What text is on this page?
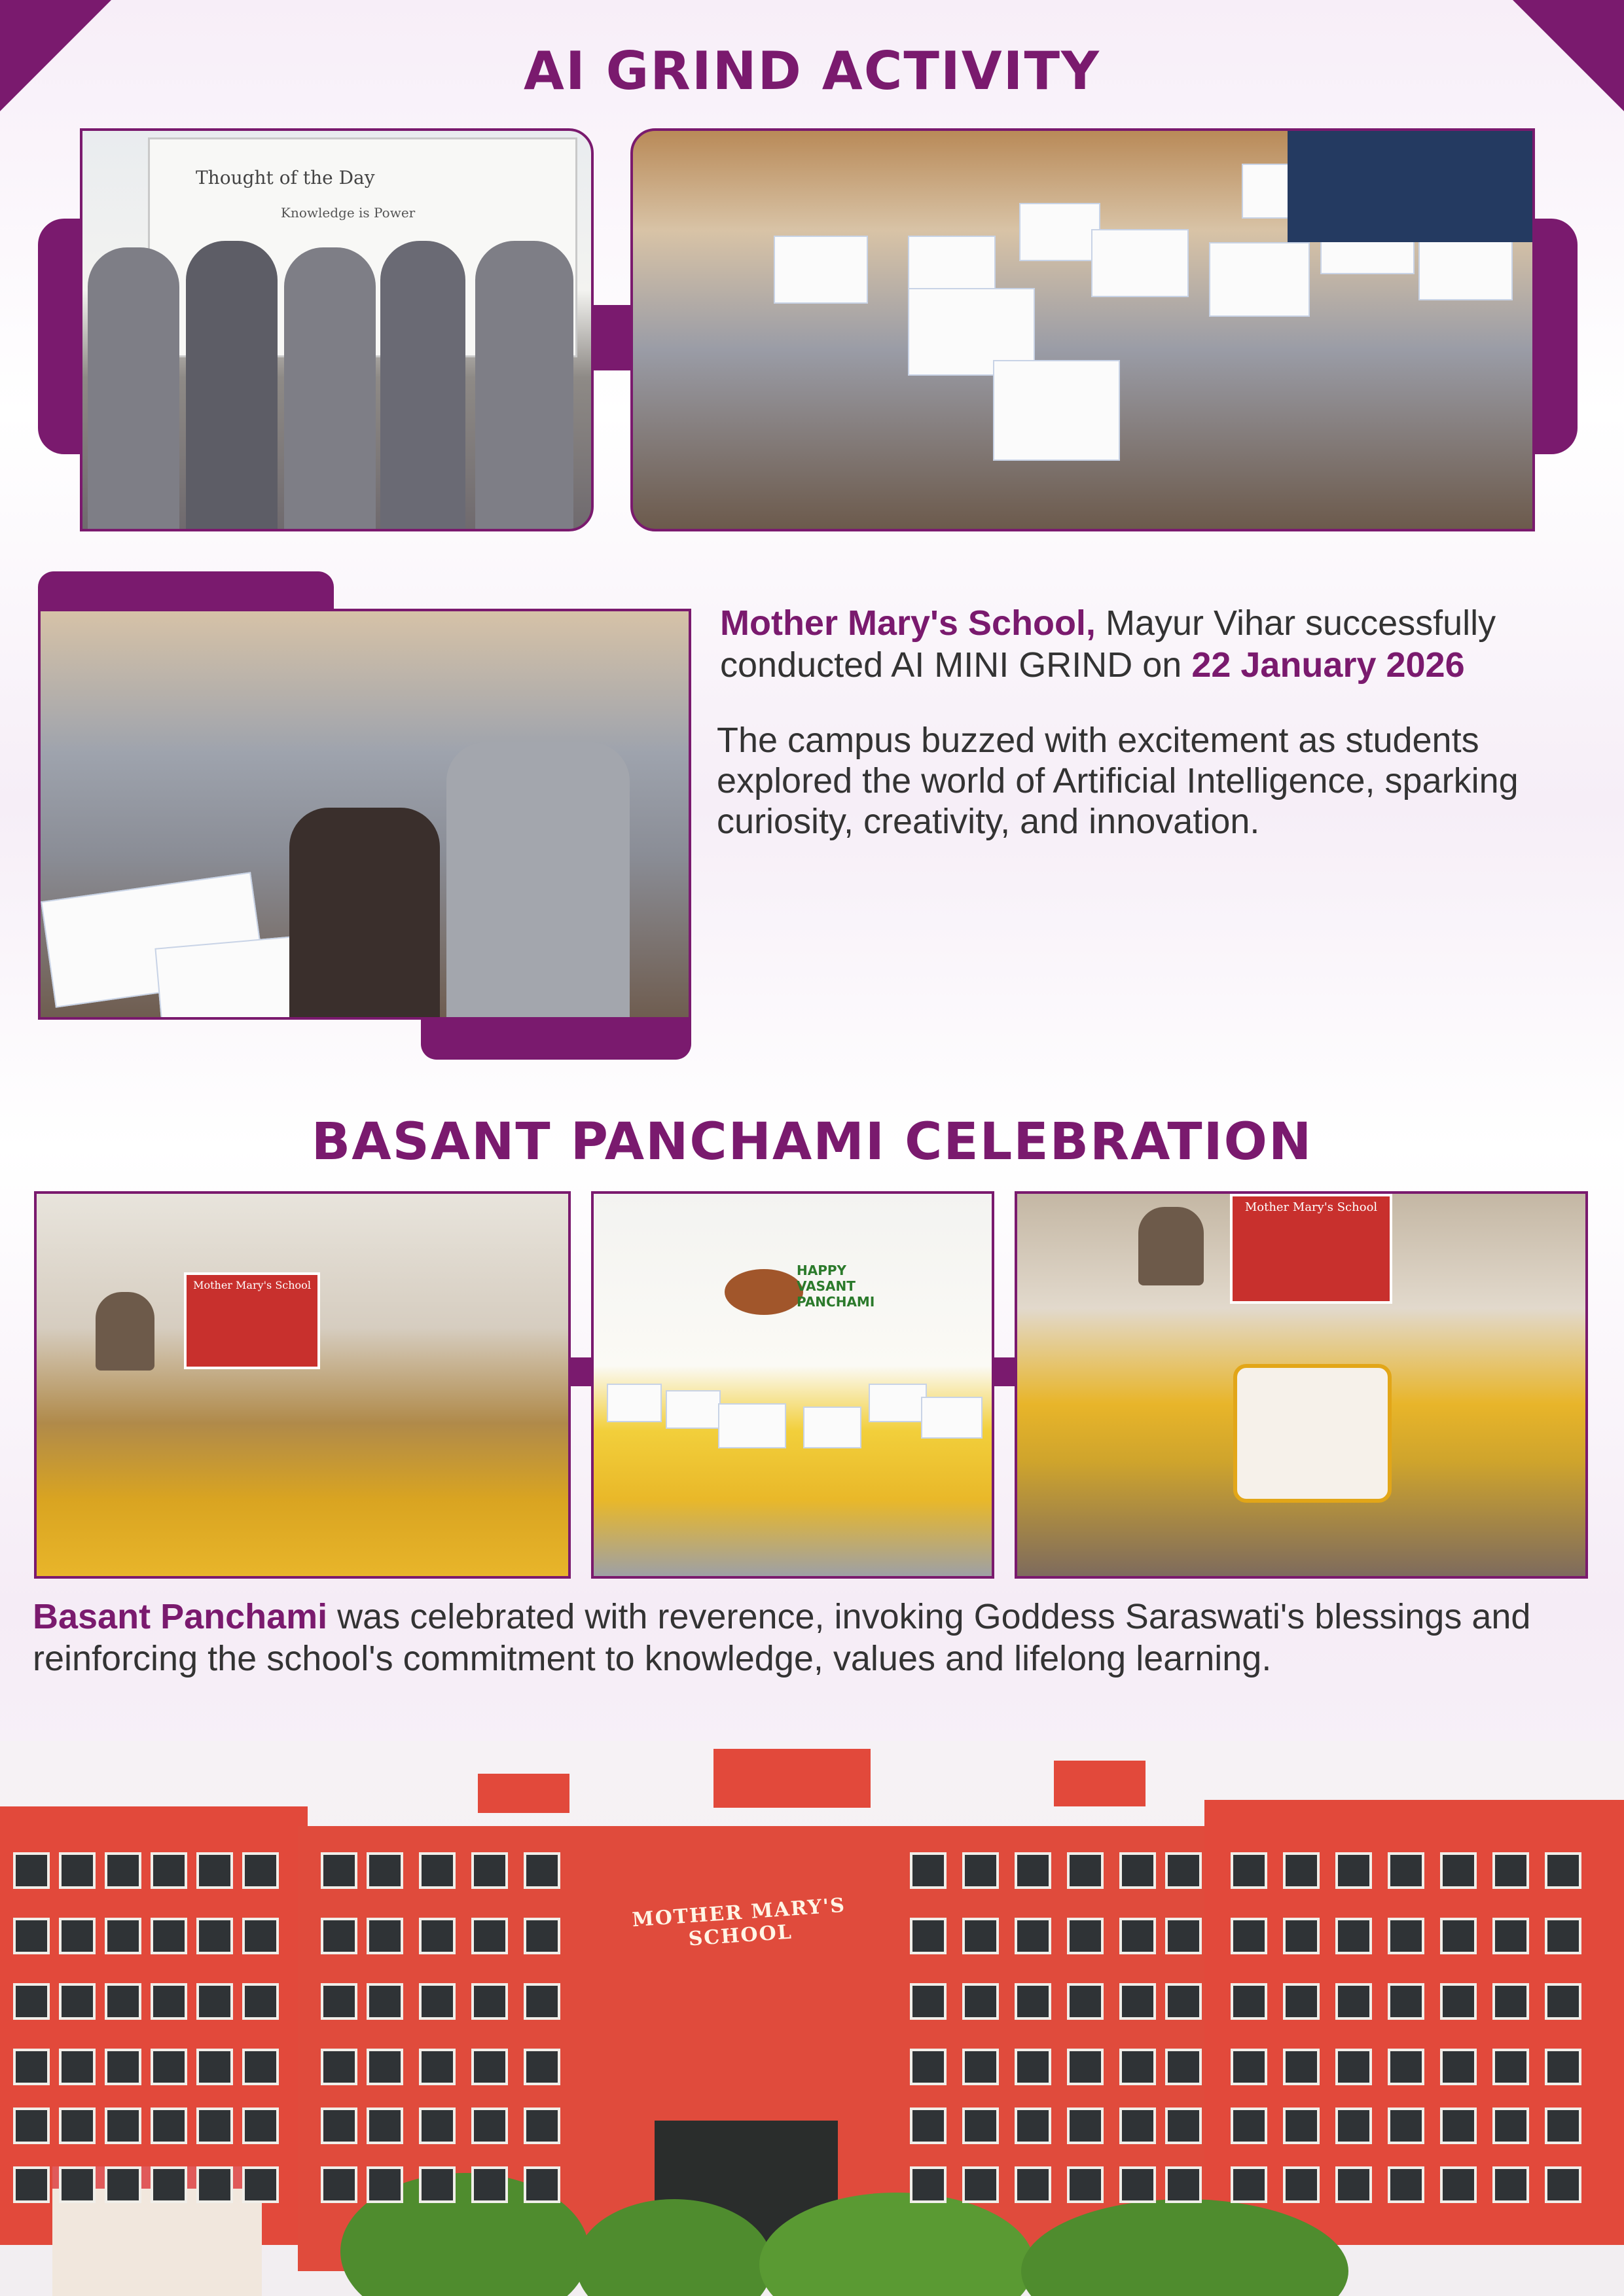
AI GRIND ACTIVITY
Thought of the Day
Knowledge is Power
Mother Mary's School, Mayur Vihar successfully conducted AI MINI GRIND on 22 January 2026
The campus buzzed with excitement as students explored the world of Artificial Intelligence, sparking curiosity, creativity, and innovation.
BASANT PANCHAMI CELEBRATION
Mother Mary's School
HAPPY VASANT PANCHAMI
Mother Mary's School
Basant Panchami was celebrated with reverence, invoking Goddess Saraswati's blessings and reinforcing the school's commitment to knowledge, values and lifelong learning.
MOTHER MARY'S SCHOOL
